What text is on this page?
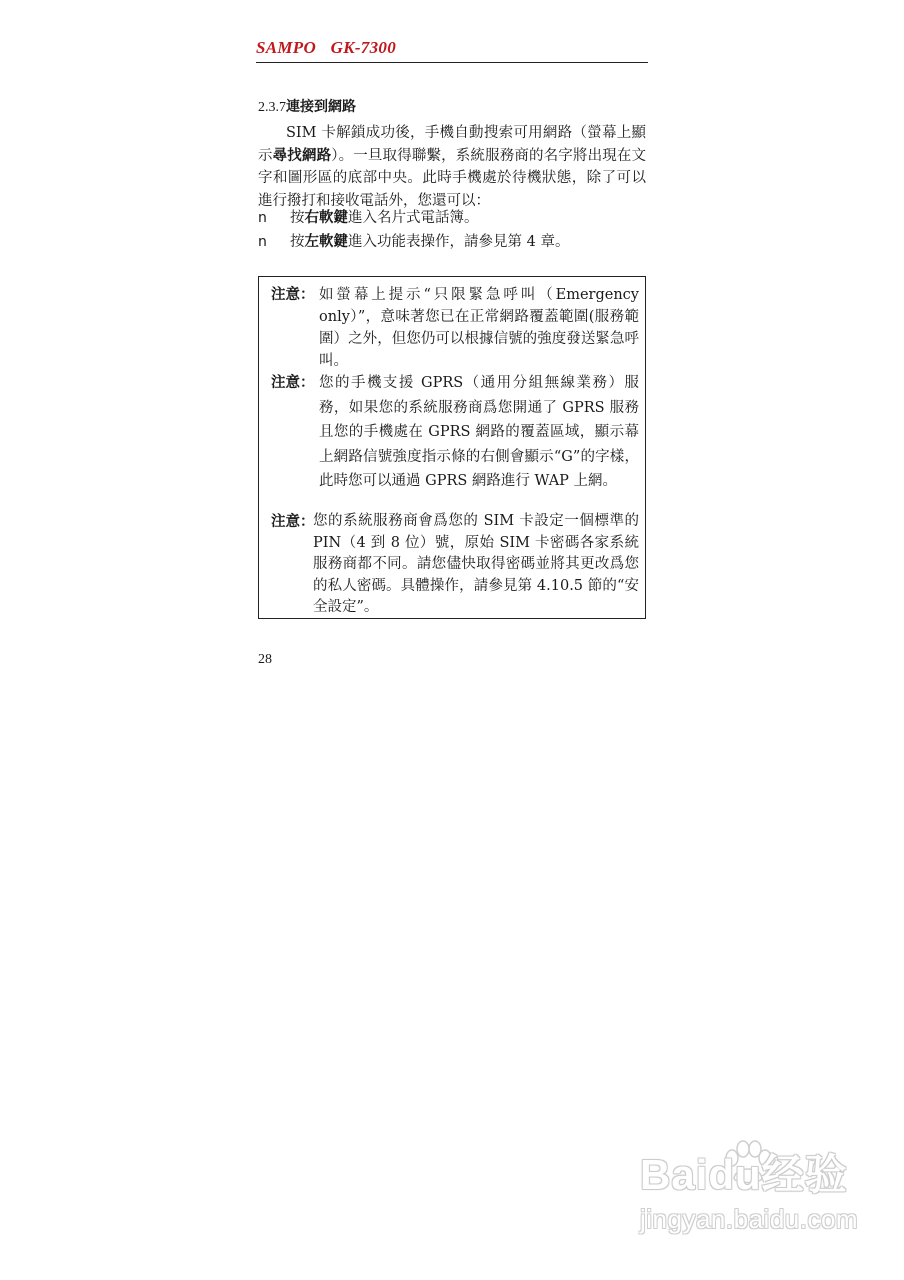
SAMPO GK-7300
2.3.7連接到網路
SIM 卡解鎖成功後，手機自動搜索可用網路（螢幕上顯示尋找網路）。一旦取得聯繫，系統服務商的名字將出現在文字和圖形區的底部中央。此時手機處於待機狀態，除了可以進行撥打和接收電話外，您還可以：
n 按右軟鍵進入名片式電話簿。
n 按左軟鍵進入功能表操作，請參見第 4 章。
注意： 如螢幕上提示“只限緊急呼叫（Emergency only）”，意味著您已在正常網路覆蓋範圍(服務範圍）之外，但您仍可以根據信號的強度發送緊急呼叫。
注意： 您的手機支援 GPRS（通用分組無線業務）服務，如果您的系統服務商爲您開通了 GPRS 服務且您的手機處在 GPRS 網路的覆蓋區域，顯示幕上網路信號強度指示條的右側會顯示“G”的字樣，此時您可以通過 GPRS 網路進行 WAP 上網。
注意：
您的系統服務商會爲您的 SIM 卡設定一個標準的 PIN（4 到 8 位）號，原始 SIM 卡密碼各家系統服務商都不同。請您儘快取得密碼並將其更改爲您的私人密碼。具體操作，請參見第 4.10.5 節的“安全設定”。
28
Baidu经验
jingyan.baidu.com
